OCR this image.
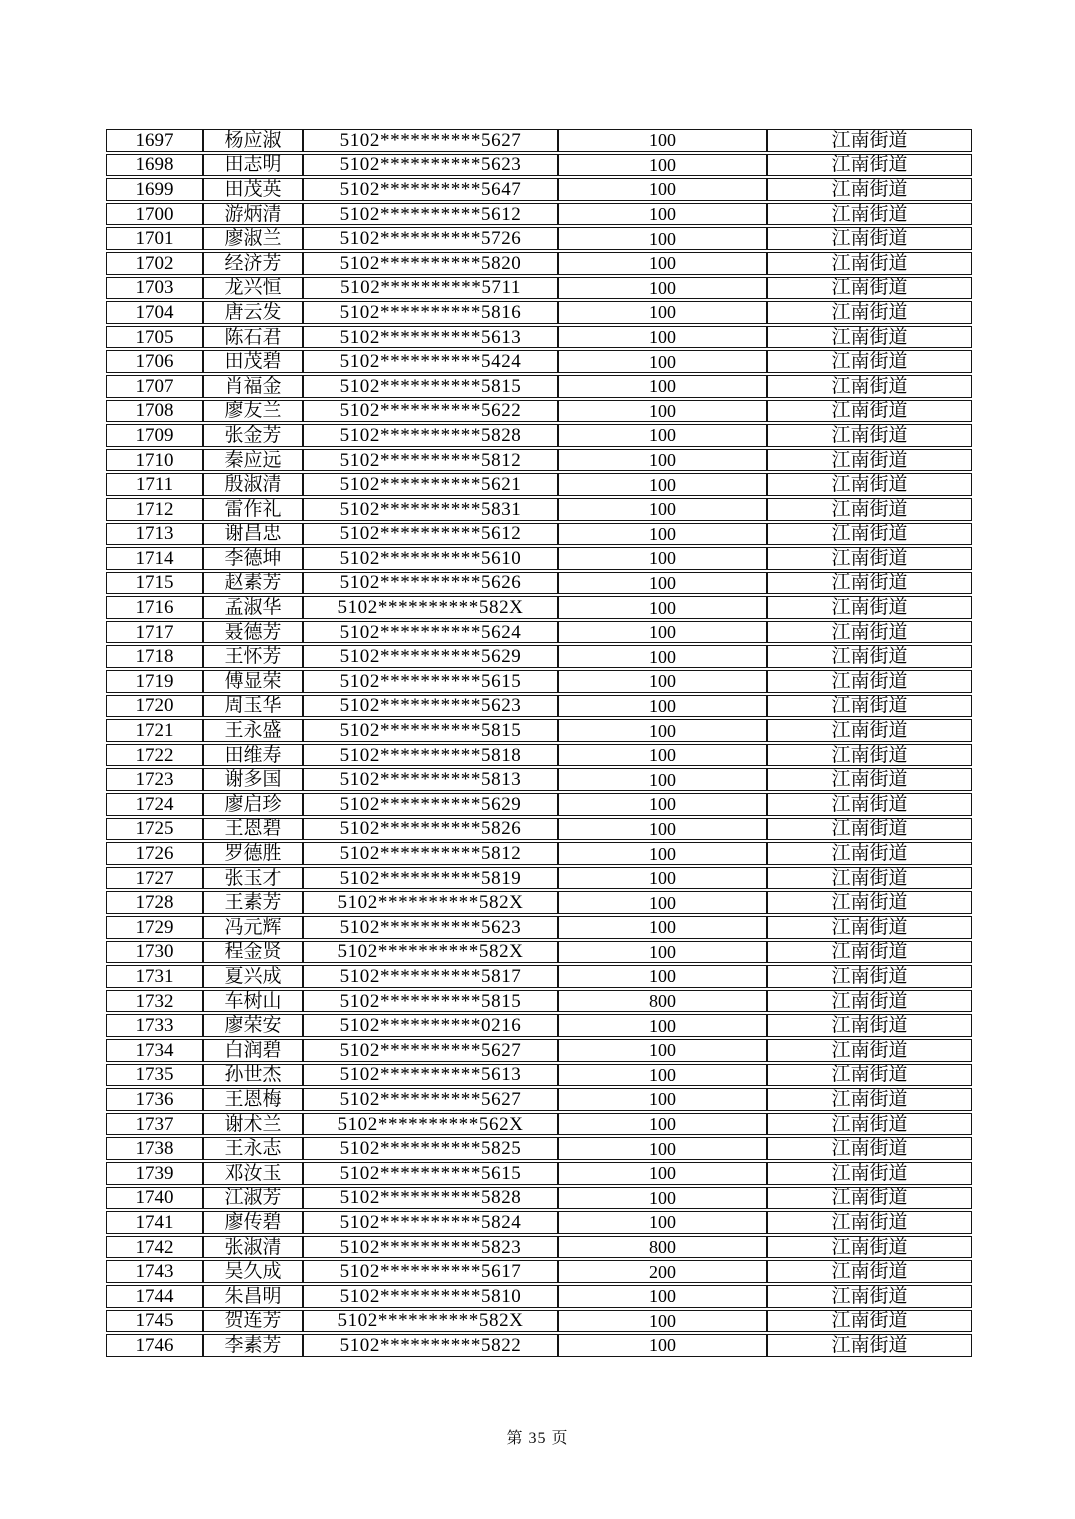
1697	杨应淑	5102**********5627	100	江南街道
1698	田志明	5102**********5623	100	江南街道
1699	田茂英	5102**********5647	100	江南街道
1700	游炳清	5102**********5612	100	江南街道
1701	廖淑兰	5102**********5726	100	江南街道
1702	经济芳	5102**********5820	100	江南街道
1703	龙兴恒	5102**********5711	100	江南街道
1704	唐云发	5102**********5816	100	江南街道
1705	陈石君	5102**********5613	100	江南街道
1706	田茂碧	5102**********5424	100	江南街道
1707	肖福金	5102**********5815	100	江南街道
1708	廖友兰	5102**********5622	100	江南街道
1709	张金芳	5102**********5828	100	江南街道
1710	秦应远	5102**********5812	100	江南街道
1711	殷淑清	5102**********5621	100	江南街道
1712	雷作礼	5102**********5831	100	江南街道
1713	谢昌忠	5102**********5612	100	江南街道
1714	李德坤	5102**********5610	100	江南街道
1715	赵素芳	5102**********5626	100	江南街道
1716	孟淑华	5102**********582X	100	江南街道
1717	聂德芳	5102**********5624	100	江南街道
1718	王怀芳	5102**********5629	100	江南街道
1719	傅显荣	5102**********5615	100	江南街道
1720	周玉华	5102**********5623	100	江南街道
1721	王永盛	5102**********5815	100	江南街道
1722	田维寿	5102**********5818	100	江南街道
1723	谢多国	5102**********5813	100	江南街道
1724	廖启珍	5102**********5629	100	江南街道
1725	王恩碧	5102**********5826	100	江南街道
1726	罗德胜	5102**********5812	100	江南街道
1727	张玉才	5102**********5819	100	江南街道
1728	王素芳	5102**********582X	100	江南街道
1729	冯元辉	5102**********5623	100	江南街道
1730	程金贤	5102**********582X	100	江南街道
1731	夏兴成	5102**********5817	100	江南街道
1732	车树山	5102**********5815	800	江南街道
1733	廖荣安	5102**********0216	100	江南街道
1734	白润碧	5102**********5627	100	江南街道
1735	孙世杰	5102**********5613	100	江南街道
1736	王恩梅	5102**********5627	100	江南街道
1737	谢术兰	5102**********562X	100	江南街道
1738	王永志	5102**********5825	100	江南街道
1739	邓汝玉	5102**********5615	100	江南街道
1740	江淑芳	5102**********5828	100	江南街道
1741	廖传碧	5102**********5824	100	江南街道
1742	张淑清	5102**********5823	800	江南街道
1743	吴久成	5102**********5617	200	江南街道
1744	朱昌明	5102**********5810	100	江南街道
1745	贺连芳	5102**********582X	100	江南街道
1746	李素芳	5102**********5822	100	江南街道
第 35 页
